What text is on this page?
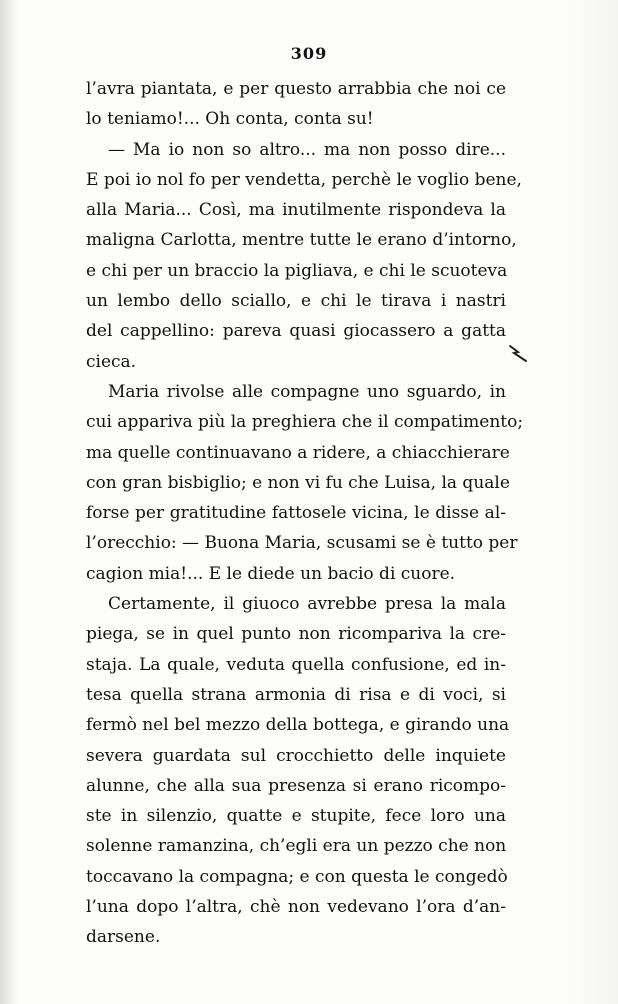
309
l’avra piantata, e per questo arrabbia che noi ce
lo teniamo!... Oh conta, conta su!
— Ma io non so altro... ma non posso dire...
E poi io nol fo per vendetta, perchè le voglio bene,
alla Maria... Così, ma inutilmente rispondeva la
maligna Carlotta, mentre tutte le erano d’intorno,
e chi per un braccio la pigliava, e chi le scuoteva
un lembo dello sciallo, e chi le tirava i nastri
del cappellino: pareva quasi giocassero a gatta
cieca.
Maria rivolse alle compagne uno sguardo, in
cui appariva più la preghiera che il compatimento;
ma quelle continuavano a ridere, a chiacchierare
con gran bisbiglio; e non vi fu che Luisa, la quale
forse per gratitudine fattosele vicina, le disse al-
l’orecchio: — Buona Maria, scusami se è tutto per
cagion mia!... E le diede un bacio di cuore.
Certamente, il giuoco avrebbe presa la mala
piega, se in quel punto non ricompariva la cre-
staja. La quale, veduta quella confusione, ed in-
tesa quella strana armonia di risa e di voci, si
fermò nel bel mezzo della bottega, e girando una
severa guardata sul crocchietto delle inquiete
alunne, che alla sua presenza si erano ricompo-
ste in silenzio, quatte e stupite, fece loro una
solenne ramanzina, ch’egli era un pezzo che non
toccavano la compagna; e con questa le congedò
l’una dopo l’altra, chè non vedevano l’ora d’an-
darsene.
